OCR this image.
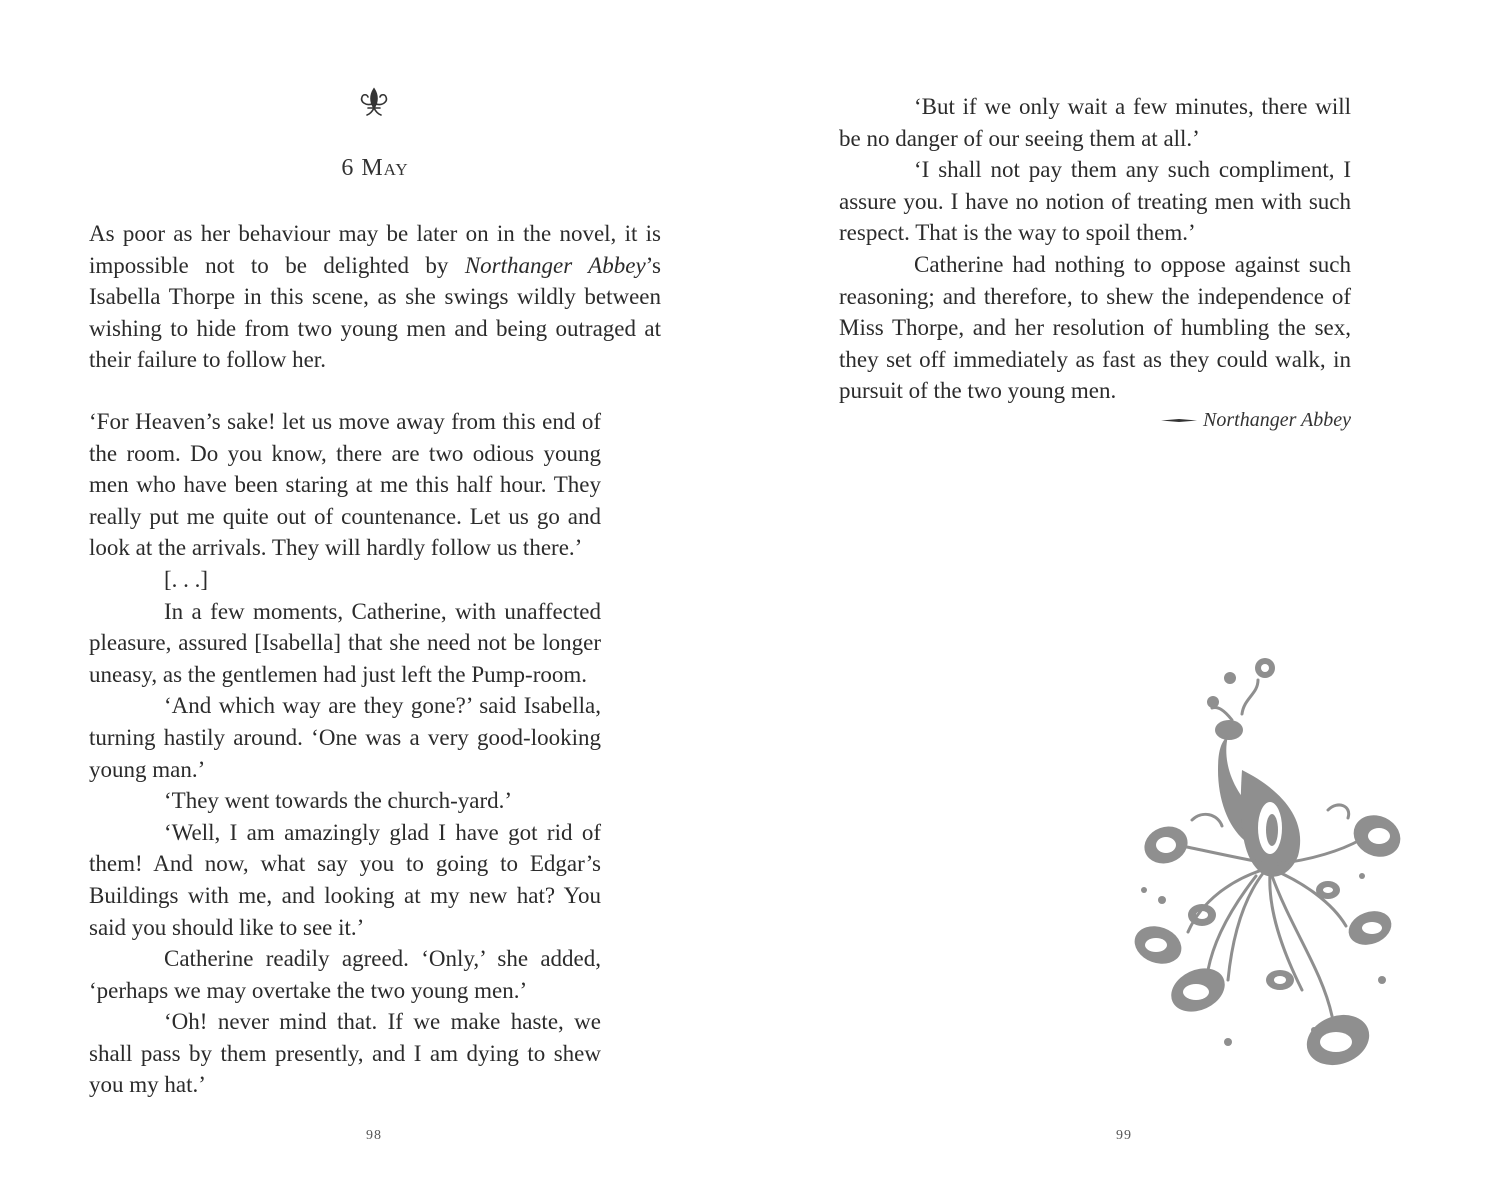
6 May

As poor as her behaviour may be later on in the novel, it is impossible not to be delighted by Northanger Abbey’s Isabella Thorpe in this scene, as she swings wildly between wishing to hide from two young men and being outraged at their failure to follow her.

‘For Heaven’s sake! let us move away from this end of the room. Do you know, there are two odious young men who have been staring at me this half hour. They really put me quite out of countenance. Let us go and look at the arrivals. They will hardly follow us there.’

[. . .]

In a few moments, Catherine, with unaffected pleasure, assured [Isabella] that she need not be longer uneasy, as the gentlemen had just left the Pump-room.

‘And which way are they gone?’ said Isabella, turning hastily around. ‘One was a very good-looking young man.’

‘They went towards the church-yard.’

‘Well, I am amazingly glad I have got rid of them! And now, what say you to going to Edgar’s Buildings with me, and looking at my new hat? You said you should like to see it.’

Catherine readily agreed. ‘Only,’ she added, ‘perhaps we may overtake the two young men.’

‘Oh! never mind that. If we make haste, we shall pass by them presently, and I am dying to shew you my hat.’

98

‘But if we only wait a few minutes, there will be no danger of our seeing them at all.’

‘I shall not pay them any such compliment, I assure you. I have no notion of treating men with such respect. That is the way to spoil them.’

Catherine had nothing to oppose against such reasoning; and therefore, to shew the independence of Miss Thorpe, and her resolution of humbling the sex, they set off immediately as fast as they could walk, in pursuit of the two young men.

Northanger Abbey
99
